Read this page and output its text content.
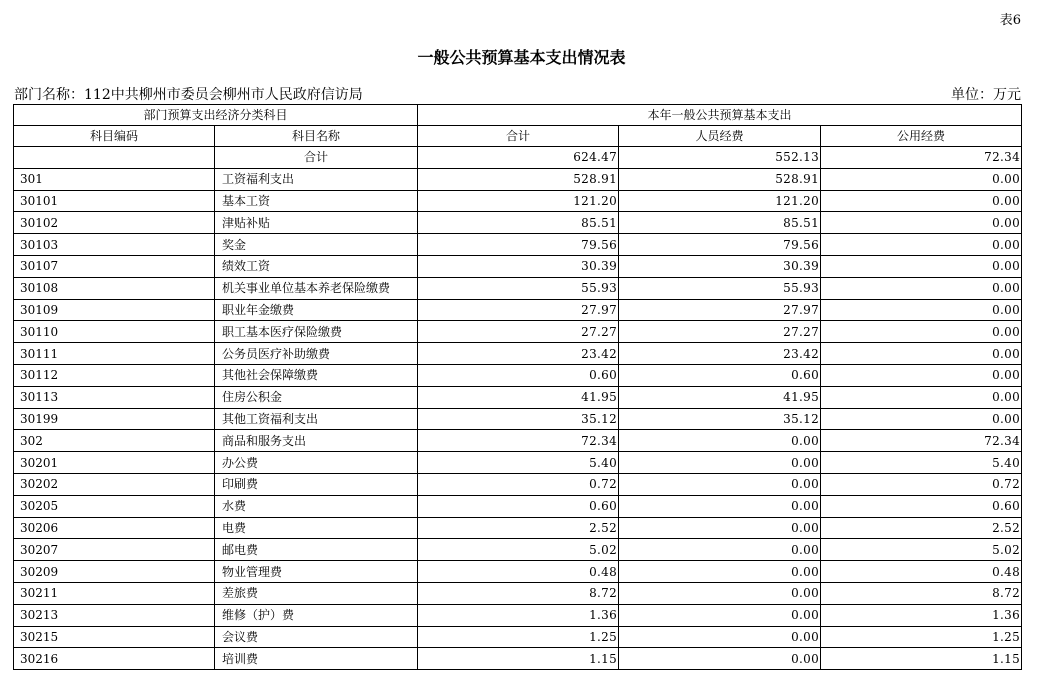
表6
一般公共预算基本支出情况表
部门名称：112中共柳州市委员会柳州市人民政府信访局	单位：万元
部门预算支出经济分类科目		本年一般公共预算基本支出		
科目编码	科目名称	合计	人员经费	公用经费
	合计	624.47	552.13	72.34
301	工资福利支出	528.91	528.91	0.00
30101	基本工资	121.20	121.20	0.00
30102	津贴补贴	85.51	85.51	0.00
30103	奖金	79.56	79.56	0.00
30107	绩效工资	30.39	30.39	0.00
30108	机关事业单位基本养老保险缴费	55.93	55.93	0.00
30109	职业年金缴费	27.97	27.97	0.00
30110	职工基本医疗保险缴费	27.27	27.27	0.00
30111	公务员医疗补助缴费	23.42	23.42	0.00
30112	其他社会保障缴费	0.60	0.60	0.00
30113	住房公积金	41.95	41.95	0.00
30199	其他工资福利支出	35.12	35.12	0.00
302	商品和服务支出	72.34	0.00	72.34
30201	办公费	5.40	0.00	5.40
30202	印刷费	0.72	0.00	0.72
30205	水费	0.60	0.00	0.60
30206	电费	2.52	0.00	2.52
30207	邮电费	5.02	0.00	5.02
30209	物业管理费	0.48	0.00	0.48
30211	差旅费	8.72	0.00	8.72
30213	维修（护）费	1.36	0.00	1.36
30215	会议费	1.25	0.00	1.25
30216	培训费	1.15	0.00	1.15
